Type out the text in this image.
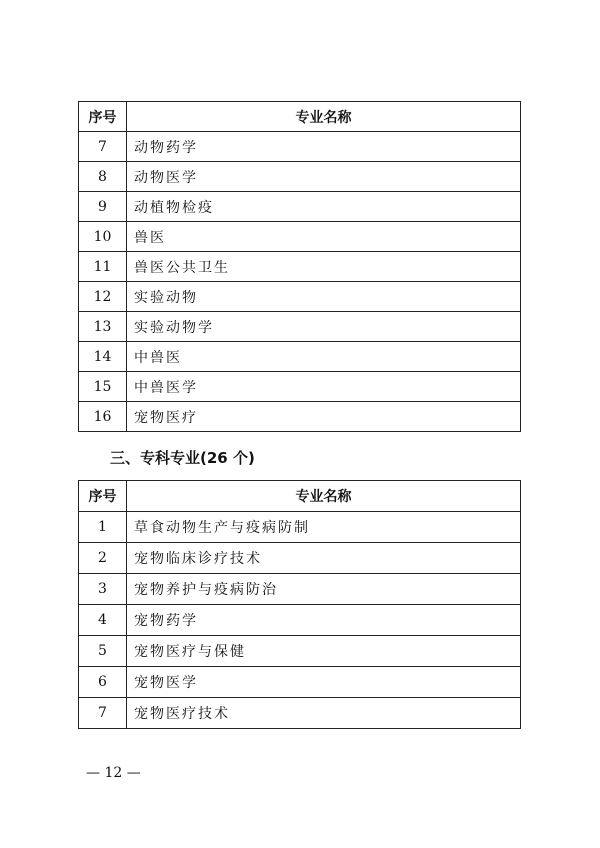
序号	专业名称
7	动物药学
8	动物医学
9	动植物检疫
10	兽医
11	兽医公共卫生
12	实验动物
13	实验动物学
14	中兽医
15	中兽医学
16	宠物医疗
三、专科专业(26 个)
序号	专业名称
1	草食动物生产与疫病防制
2	宠物临床诊疗技术
3	宠物养护与疫病防治
4	宠物药学
5	宠物医疗与保健
6	宠物医学
7	宠物医疗技术
— 12 —
